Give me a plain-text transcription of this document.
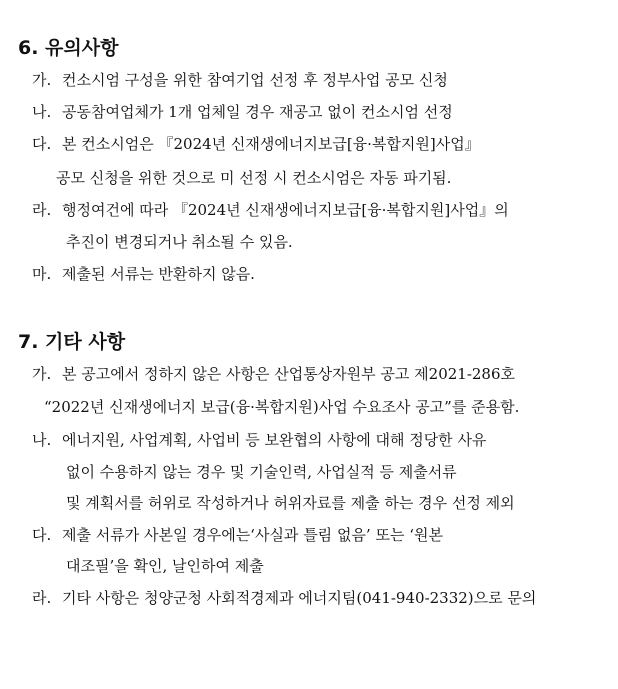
6. 유의사항
가. 컨소시엄 구성을 위한 참여기업 선정 후 정부사업 공모 신청
나. 공동참여업체가 1개 업체일 경우 재공고 없이 컨소시엄 선정
다. 본 컨소시엄은 『2024년 신재생에너지보급[융·복합지원]사업』
공모 신청을 위한 것으로 미 선정 시 컨소시엄은 자동 파기됨.
라. 행정여건에 따라 『2024년 신재생에너지보급[융·복합지원]사업』의
추진이 변경되거나 취소될 수 있음.
마. 제출된 서류는 반환하지 않음.
7. 기타 사항
가. 본 공고에서 정하지 않은 사항은 산업통상자원부 공고 제2021-286호
“2022년 신재생에너지 보급(융·복합지원)사업 수요조사 공고”를 준용함.
나. 에너지원, 사업계획, 사업비 등 보완협의 사항에 대해 정당한 사유
없이 수용하지 않는 경우 및 기술인력, 사업실적 등 제출서류
및 계획서를 허위로 작성하거나 허위자료를 제출 하는 경우 선정 제외
다. 제출 서류가 사본일 경우에는‘사실과 틀림 없음’ 또는 ‘원본
대조필’을 확인, 날인하여 제출
라. 기타 사항은 청양군청 사회적경제과 에너지팀(041-940-2332)으로 문의
